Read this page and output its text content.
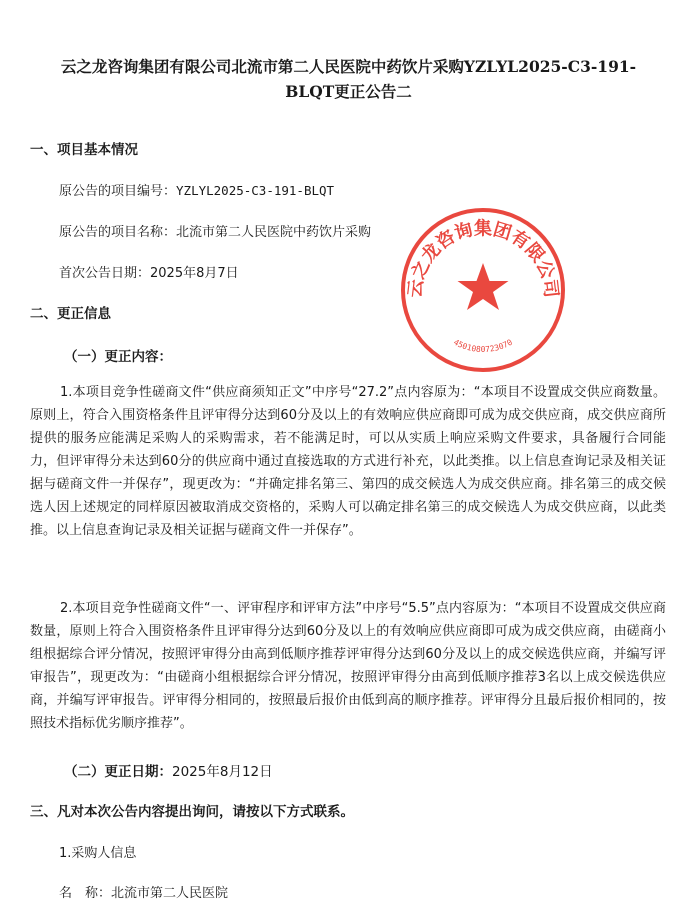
云之龙咨询集团有限公司北流市第二人民医院中药饮片采购YZLYL2025-C3-191-
BLQT更正公告二
一、项目基本情况
原公告的项目编号：YZLYL2025-C3-191-BLQT
原公告的项目名称：北流市第二人民医院中药饮片采购
首次公告日期：2025年8月7日
二、更正信息
（一）更正内容：

1.本项目竞争性磋商文件“供应商须知正文”中序号“27.2”点内容原为：“本项目不设置成交供应商数量。原则上，符合入围资格条件且评审得分达到60分及以上的有效响应供应商即可成为成交供应商，成交供应商所提供的服务应能满足采购人的采购需求，若不能满足时，可以从实质上响应采购文件要求，具备履行合同能力，但评审得分未达到60分的供应商中通过直接选取的方式进行补充，以此类推。以上信息查询记录及相关证据与磋商文件一并保存”，现更改为：“并确定排名第三、第四的成交候选人为成交供应商。排名第三的成交候选人因上述规定的同样原因被取消成交资格的，采购人可以确定排名第三的成交候选人为成交供应商，以此类推。以上信息查询记录及相关证据与磋商文件一并保存”。

2.本项目竞争性磋商文件“一、评审程序和评审方法”中序号“5.5”点内容原为：“本项目不设置成交供应商数量，原则上符合入围资格条件且评审得分达到60分及以上的有效响应供应商即可成为成交供应商，由磋商小组根据综合评分情况，按照评审得分由高到低顺序推荐评审得分达到60分及以上的成交候选供应商，并编写评审报告”，现更改为：“由磋商小组根据综合评分情况，按照评审得分由高到低顺序推荐3名以上成交候选供应商，并编写评审报告。评审得分相同的，按照最后报价由低到高的顺序推荐。评审得分且最后报价相同的，按照技术指标优劣顺序推荐”。

（二）更正日期：2025年8月12日
三、凡对本次公告内容提出询问，请按以下方式联系。
1.采购人信息
名　称：北流市第二人民医院
云之龙咨询集团有限公司
4501080723070
